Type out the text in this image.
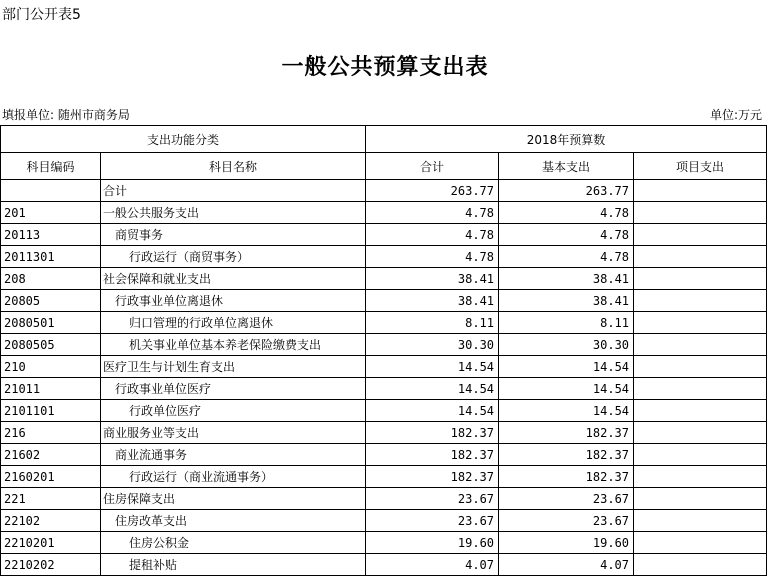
部门公开表5
一般公共预算支出表
填报单位: 随州市商务局	单位:万元
支出功能分类		2018年预算数		
科目编码	科目名称	合计	基本支出	项目支出
	合计	263.77	263.77	
201	一般公共服务支出	4.78	4.78	
20113	商贸事务	4.78	4.78	
2011301	行政运行（商贸事务）	4.78	4.78	
208	社会保障和就业支出	38.41	38.41	
20805	行政事业单位离退休	38.41	38.41	
2080501	归口管理的行政单位离退休	8.11	8.11	
2080505	机关事业单位基本养老保险缴费支出	30.30	30.30	
210	医疗卫生与计划生育支出	14.54	14.54	
21011	行政事业单位医疗	14.54	14.54	
2101101	行政单位医疗	14.54	14.54	
216	商业服务业等支出	182.37	182.37	
21602	商业流通事务	182.37	182.37	
2160201	行政运行（商业流通事务）	182.37	182.37	
221	住房保障支出	23.67	23.67	
22102	住房改革支出	23.67	23.67	
2210201	住房公积金	19.60	19.60	
2210202	提租补贴	4.07	4.07	
